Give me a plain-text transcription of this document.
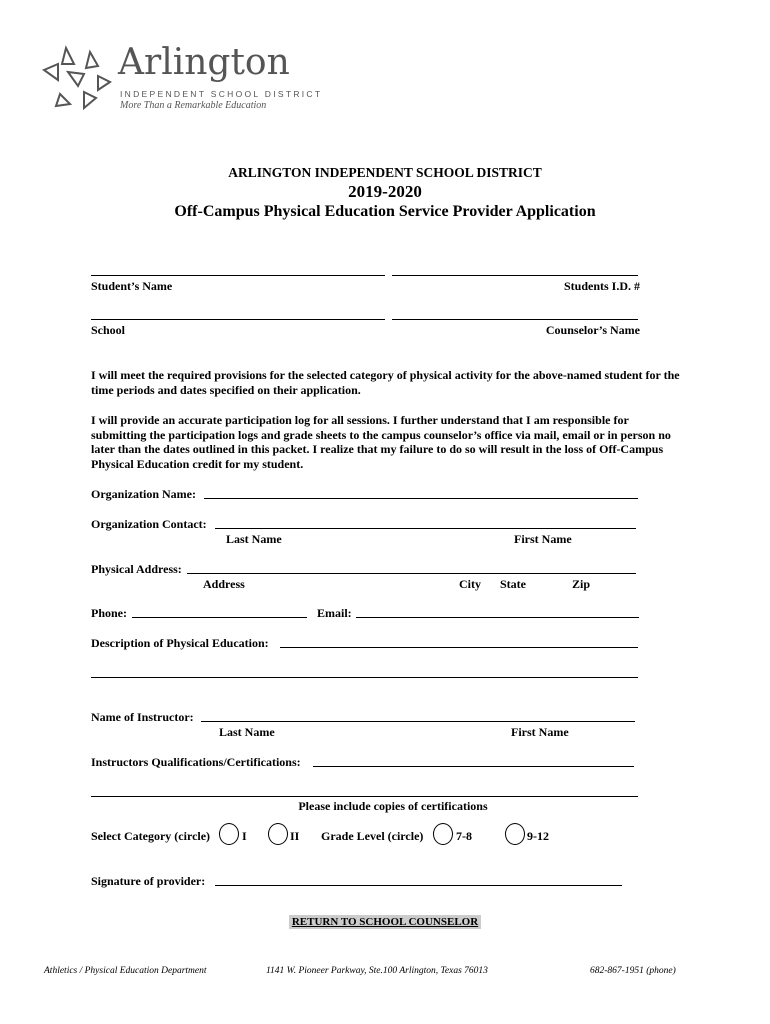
Arlington
INDEPENDENT SCHOOL DISTRICT
More Than a Remarkable Education
ARLINGTON INDEPENDENT SCHOOL DISTRICT
2019-2020
Off-Campus Physical Education Service Provider Application
Student’s Name	Students I.D. #
School	Counselor’s Name
I will meet the required provisions for the selected category of physical activity for the above-named student for the time periods and dates specified on their application.
I will provide an accurate participation log for all sessions. I further understand that I am responsible for submitting the participation logs and grade sheets to the campus counselor’s office via mail, email or in person no later than the dates outlined in this packet. I realize that my failure to do so will result in the loss of Off-Campus Physical Education credit for my student.
Organization Name:
Organization Contact:
Last Name	First Name
Physical Address:
Address	City State	Zip
Phone:	Email:
Description of Physical Education:
Name of Instructor:
Last Name	First Name
Instructors Qualifications/Certifications:
Please include copies of certifications
Select Category (circle)	I	II Grade Level (circle)	7-8	9-12
Signature of provider:
RETURN TO SCHOOL COUNSELOR
Athletics / Physical Education Department	1141 W. Pioneer Parkway, Ste.100 Arlington, Texas 76013	682-867-1951 (phone)
